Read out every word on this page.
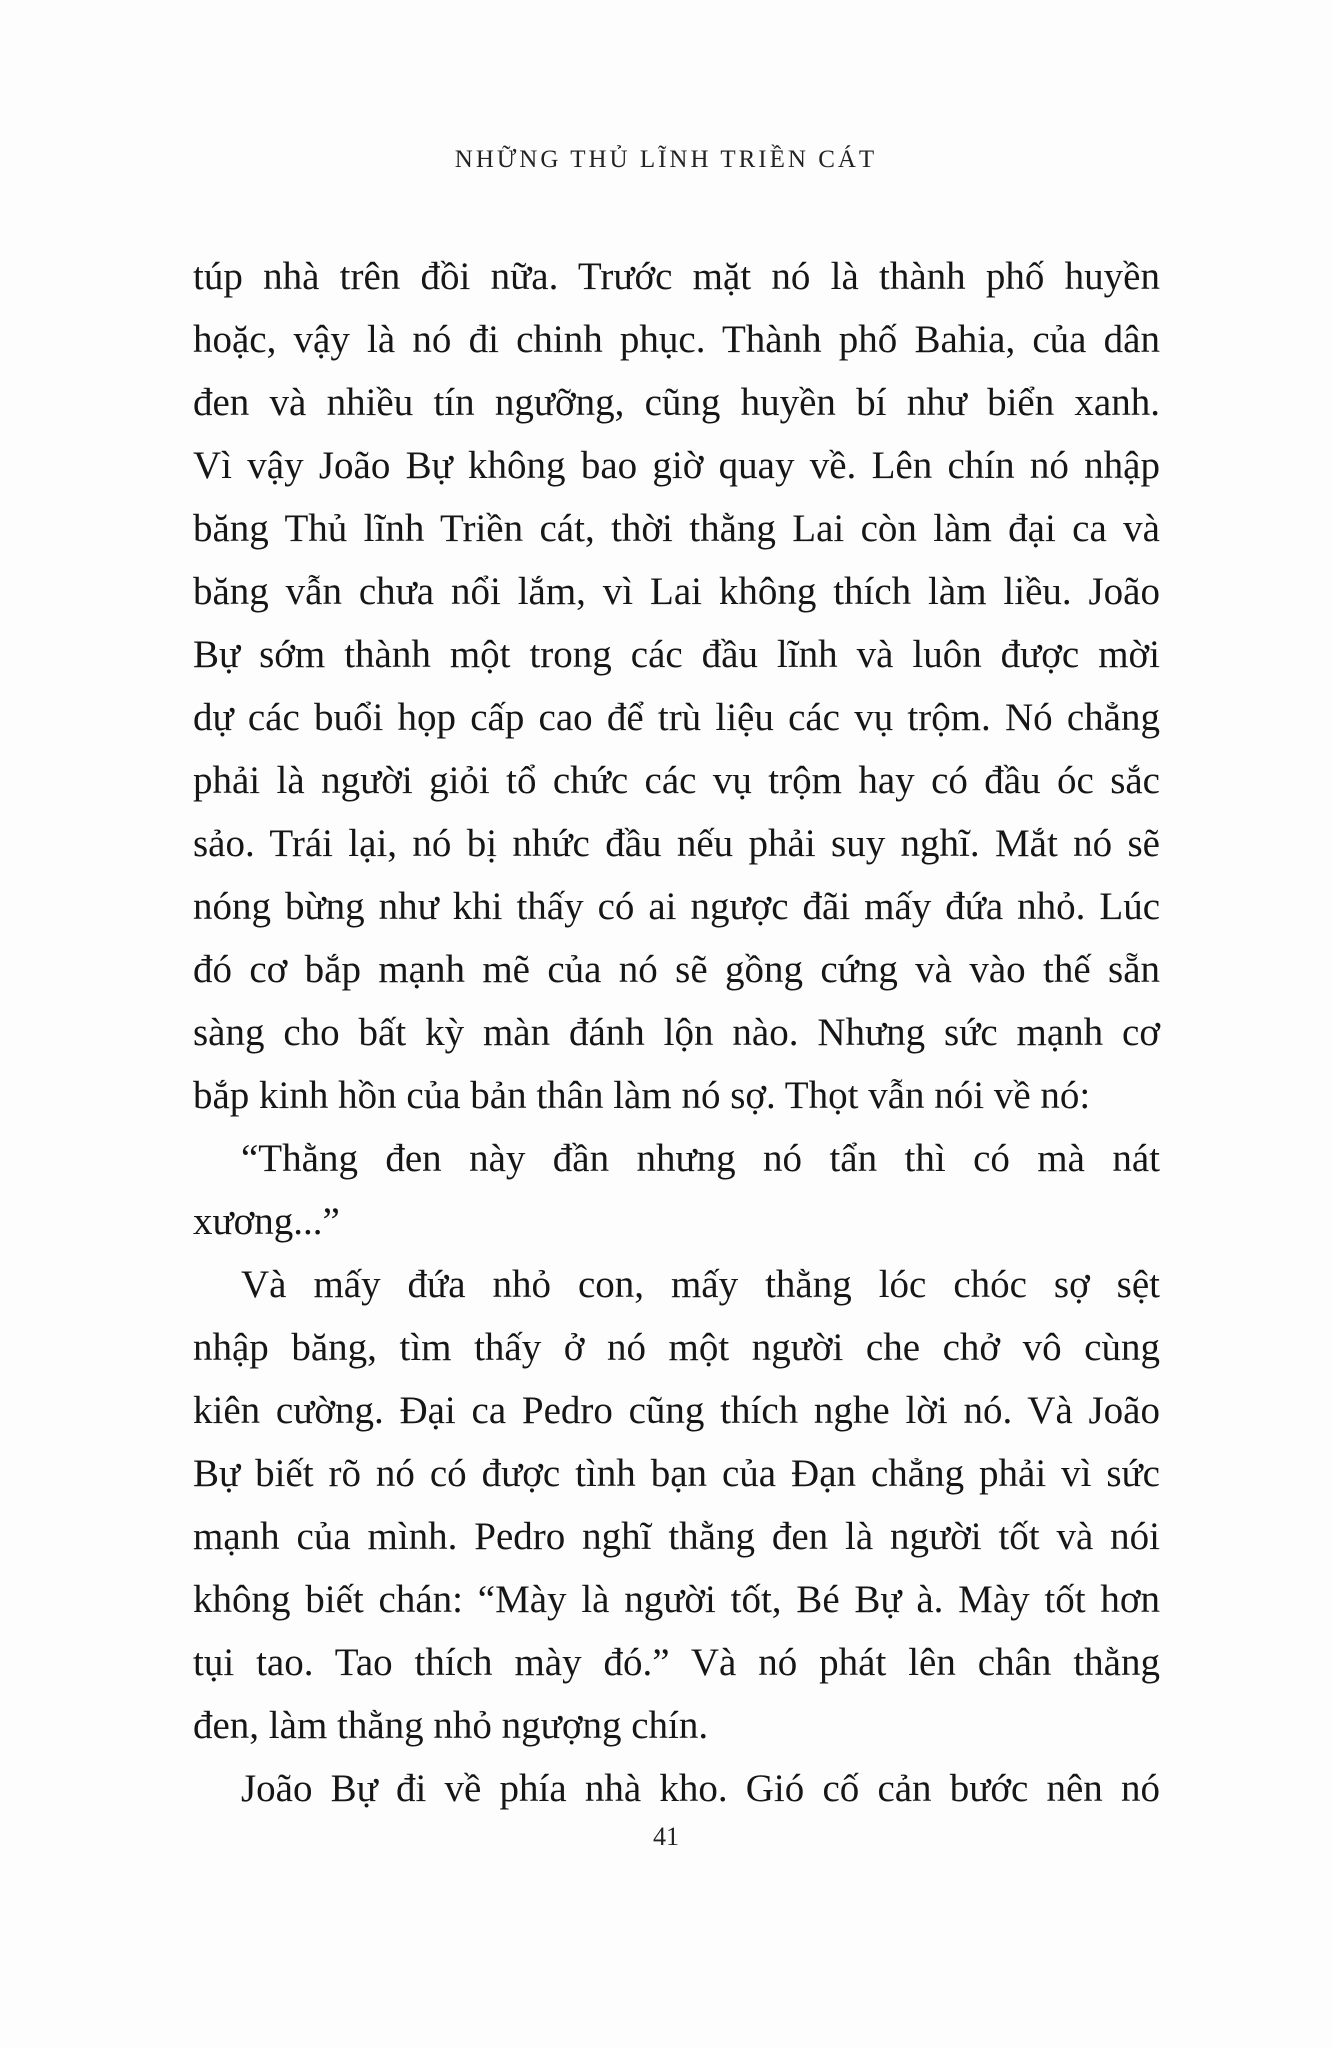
NHỮNG THỦ LĨNH TRIỀN CÁT
túp nhà trên đồi nữa. Trước mặt nó là thành phố huyền
hoặc, vậy là nó đi chinh phục. Thành phố Bahia, của dân
đen và nhiều tín ngưỡng, cũng huyền bí như biển xanh.
Vì vậy João Bự không bao giờ quay về. Lên chín nó nhập
băng Thủ lĩnh Triền cát, thời thằng Lai còn làm đại ca và
băng vẫn chưa nổi lắm, vì Lai không thích làm liều. João
Bự sớm thành một trong các đầu lĩnh và luôn được mời
dự các buổi họp cấp cao để trù liệu các vụ trộm. Nó chẳng
phải là người giỏi tổ chức các vụ trộm hay có đầu óc sắc
sảo. Trái lại, nó bị nhức đầu nếu phải suy nghĩ. Mắt nó sẽ
nóng bừng như khi thấy có ai ngược đãi mấy đứa nhỏ. Lúc
đó cơ bắp mạnh mẽ của nó sẽ gồng cứng và vào thế sẵn
sàng cho bất kỳ màn đánh lộn nào. Nhưng sức mạnh cơ
bắp kinh hồn của bản thân làm nó sợ. Thọt vẫn nói về nó:
“Thằng đen này đần nhưng nó tẩn thì có mà nát
xương...”
Và mấy đứa nhỏ con, mấy thằng lóc chóc sợ sệt
nhập băng, tìm thấy ở nó một người che chở vô cùng
kiên cường. Đại ca Pedro cũng thích nghe lời nó. Và João
Bự biết rõ nó có được tình bạn của Đạn chẳng phải vì sức
mạnh của mình. Pedro nghĩ thằng đen là người tốt và nói
không biết chán: “Mày là người tốt, Bé Bự à. Mày tốt hơn
tụi tao. Tao thích mày đó.” Và nó phát lên chân thằng
đen, làm thằng nhỏ ngượng chín.
João Bự đi về phía nhà kho. Gió cố cản bước nên nó
41
